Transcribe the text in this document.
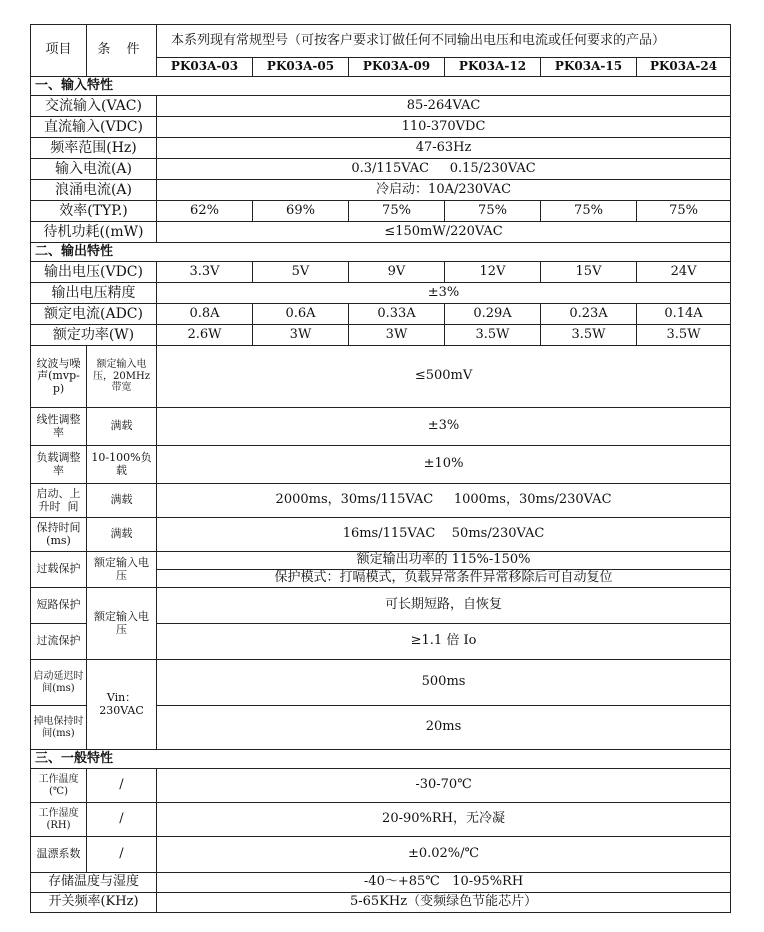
项目	条 件	本系列现有常规型号（可按客户要求订做任何不同输出电压和电流或任何要求的产品）					
		PK03A-03	PK03A-05	PK03A-09	PK03A-12	PK03A-15	PK03A-24
一、输入特性							
交流输入(VAC)		85-264VAC					
直流输入(VDC)		110-370VDC					
频率范围(Hz)		47-63Hz					
输入电流(A)		0.3/115VAC     0.15/230VAC					
浪涌电流(A)		冷启动：10A/230VAC					
效率(TYP.)		62%	69%	75%	75%	75%	75%
待机功耗((mW)		≤150mW/220VAC					
二、输出特性							
输出电压(VDC)		3.3V	5V	9V	12V	15V	24V
输出电压精度		±3%					
额定电流(ADC)		0.8A	0.6A	0.33A	0.29A	0.23A	0.14A
额定功率(W)		2.6W	3W	3W	3.5W	3.5W	3.5W
纹波与噪声(mvp-p)	额定输入电压，20MHz 带宽	≤500mV					
线性调整率	满载	±3%					
负载调整率	10-100%负载	±10%					
启动、上升时  间	满载	2000ms，30ms/115VAC     1000ms，30ms/230VAC					
保持时间(ms)	满载	16ms/115VAC    50ms/230VAC					
过载保护	额定输入电压	额定输出功率的 115%-150%					
		保护模式：打嗝模式，负载异常条件异常移除后可自动复位					
短路保护	额定输入电压	可长期短路，自恢复					
过流保护		≥1.1 倍 Io					
启动延迟时间(ms)	Vin：230VAC	500ms					
掉电保持时间(ms)		20ms					
三、一般特性							
工作温度(℃)	/	-30-70℃					
工作湿度(RH)	/	20-90%RH，无冷凝					
温漂系数	/	±0.02%/℃					
存储温度与湿度		-40～+85℃   10-95%RH					
开关频率(KHz)		5-65KHz（变频绿色节能芯片）					
